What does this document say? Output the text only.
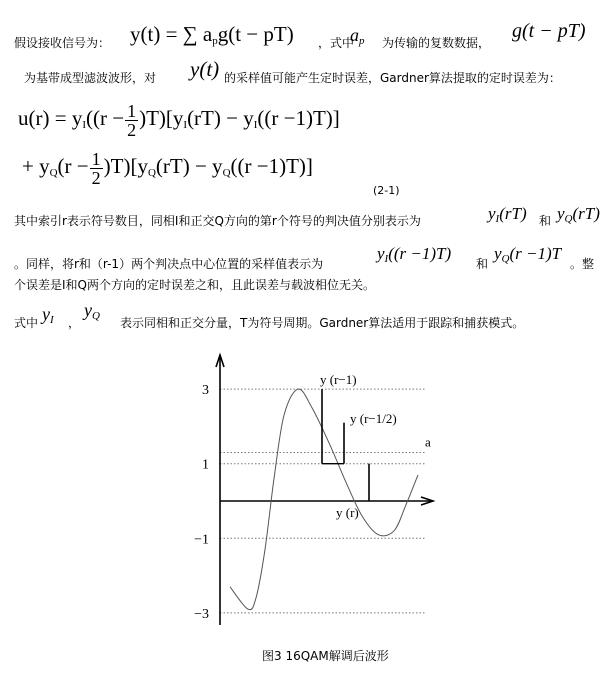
假设接收信号为： y(t) = ∑ $a_pg(t - pT)$ ，式中
$a_p$ 为传输的复数数据，
g(t − pT)
为基带成型滤波波形，对 y(t) 的采样值可能产生定时误差，Gardner算法提取的定时误差为：
$u(r) = y_I((r - \frac{1}{2} )T)[y_I(rT) - y_I((r -1)T)]$
+ $y_Q(r - \frac{1}{2} )T)[y_Q(rT) - y_Q((r -1)T)]$
(2-1)
其中索引r表示符号数目，同相I和正交Q方向的第r个符号的判决值分别表示为	$y_I(rT)$ 和 $y_Q(rT)$
。同样，将r和（r-1）两个判决点中心位置的采样值表示为
$y_I((r -1)T)$
和
$y_Q(r -1)T$
。整
个误差是I和Q两个方向的定时误差之和，且此误差与载波相位无关。
式中 $y_I$ ，
$y_Q$ 表示同相和正交分量，T为符号周期。Gardner算法适用于跟踪和捕获模式。
a
3
1
−1
−3
y (r−1)
y (r−1/2)
y (r)
图3 16QAM解调后波形
